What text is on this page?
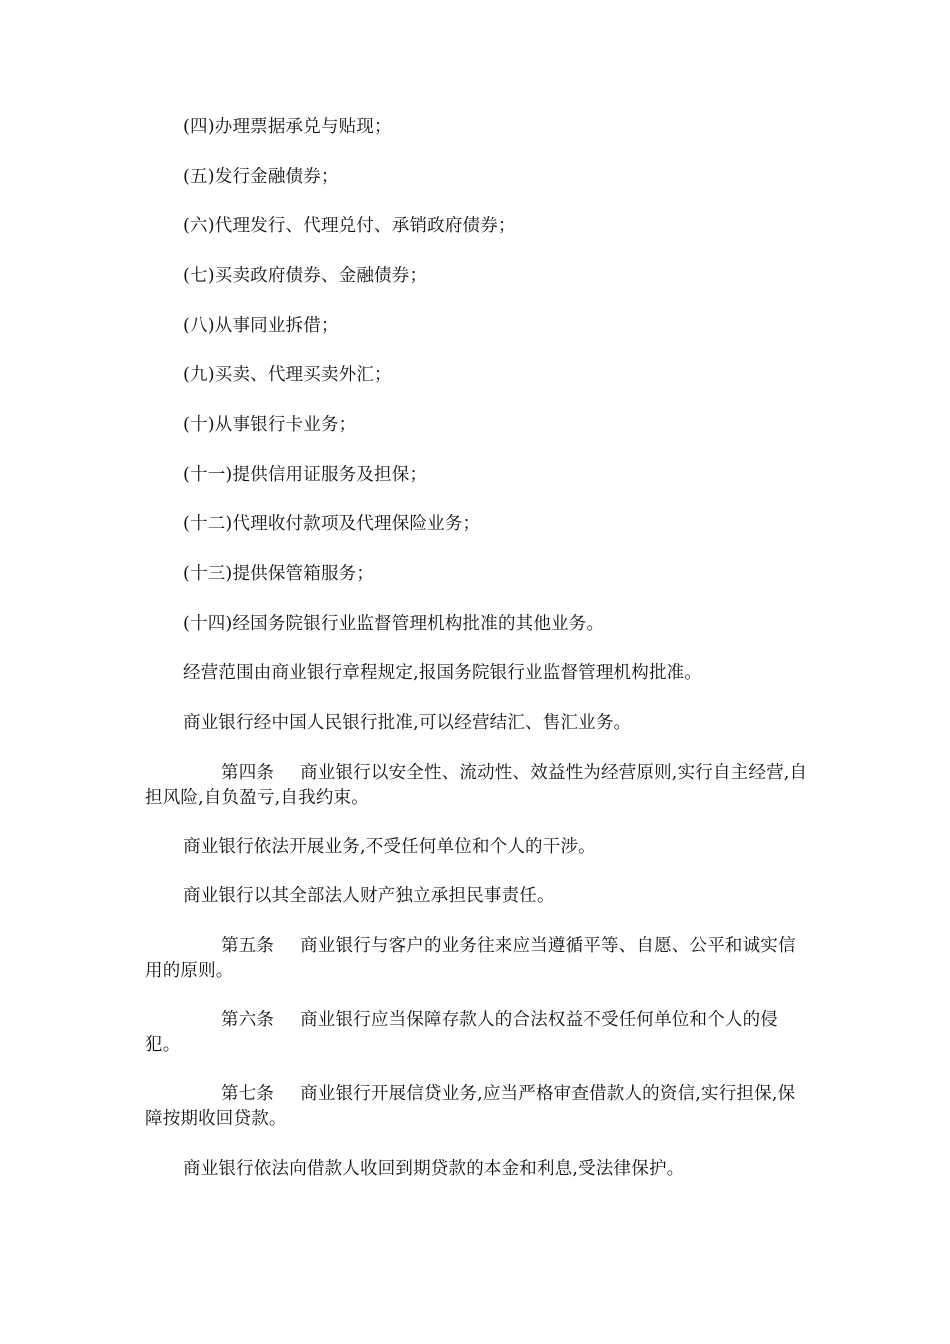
(四)办理票据承兑与贴现；

(五)发行金融债券；

(六)代理发行、代理兑付、承销政府债券；

(七)买卖政府债券、金融债券；

(八)从事同业拆借；

(九)买卖、代理买卖外汇；

(十)从事银行卡业务；

(十一)提供信用证服务及担保；

(十二)代理收付款项及代理保险业务；

(十三)提供保管箱服务；

(十四)经国务院银行业监督管理机构批准的其他业务。

经营范围由商业银行章程规定,报国务院银行业监督管理机构批准。

商业银行经中国人民银行批准,可以经营结汇、售汇业务。

第四条 商业银行以安全性、流动性、效益性为经营原则,实行自主经营,自担风险,自负盈亏,自我约束。

商业银行依法开展业务,不受任何单位和个人的干涉。

商业银行以其全部法人财产独立承担民事责任。

第五条 商业银行与客户的业务往来应当遵循平等、自愿、公平和诚实信用的原则。

第六条 商业银行应当保障存款人的合法权益不受任何单位和个人的侵犯。

第七条 商业银行开展信贷业务,应当严格审查借款人的资信,实行担保,保障按期收回贷款。

商业银行依法向借款人收回到期贷款的本金和利息,受法律保护。
